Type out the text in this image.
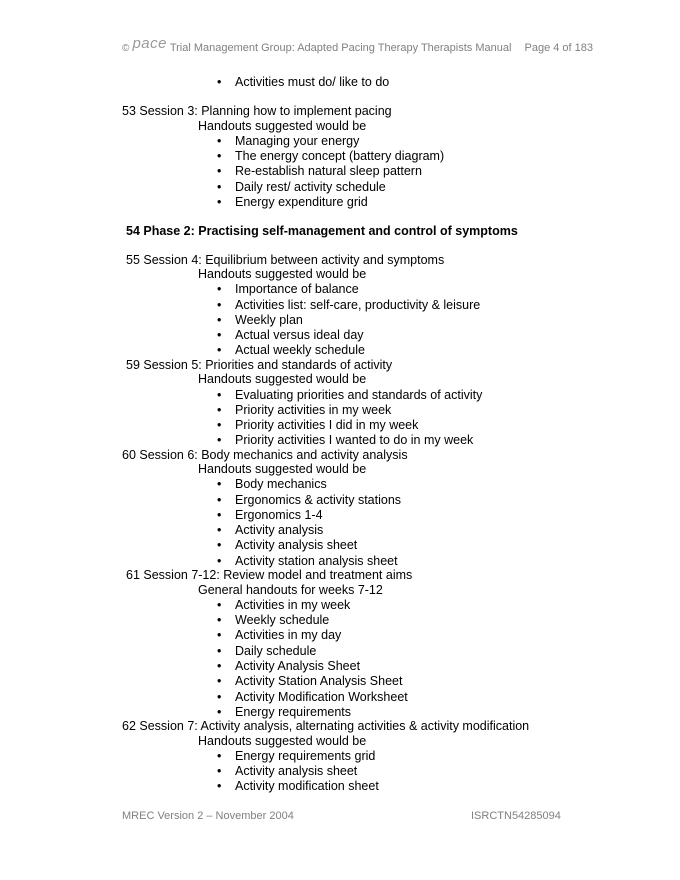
© pace Trial Management Group: Adapted Pacing Therapy Therapists Manual Page 4 of 183
• Activities must do/ like to do
53 Session 3: Planning how to implement pacing
Handouts suggested would be
• Managing your energy
• The energy concept (battery diagram)
• Re-establish natural sleep pattern
• Daily rest/ activity schedule
• Energy expenditure grid
54 Phase 2: Practising self-management and control of symptoms
55 Session 4: Equilibrium between activity and symptoms
Handouts suggested would be
• Importance of balance
• Activities list: self-care, productivity & leisure
• Weekly plan
• Actual versus ideal day
• Actual weekly schedule
59 Session 5: Priorities and standards of activity
Handouts suggested would be
• Evaluating priorities and standards of activity
• Priority activities in my week
• Priority activities I did in my week
• Priority activities I wanted to do in my week
60 Session 6: Body mechanics and activity analysis
Handouts suggested would be
• Body mechanics
• Ergonomics & activity stations
• Ergonomics 1-4
• Activity analysis
• Activity analysis sheet
• Activity station analysis sheet
61 Session 7-12: Review model and treatment aims
General handouts for weeks 7-12
• Activities in my week
• Weekly schedule
• Activities in my day
• Daily schedule
• Activity Analysis Sheet
• Activity Station Analysis Sheet
• Activity Modification Worksheet
• Energy requirements
62 Session 7: Activity analysis, alternating activities & activity modification
Handouts suggested would be
• Energy requirements grid
• Activity analysis sheet
• Activity modification sheet
MREC Version 2 – November 2004	ISRCTN54285094
